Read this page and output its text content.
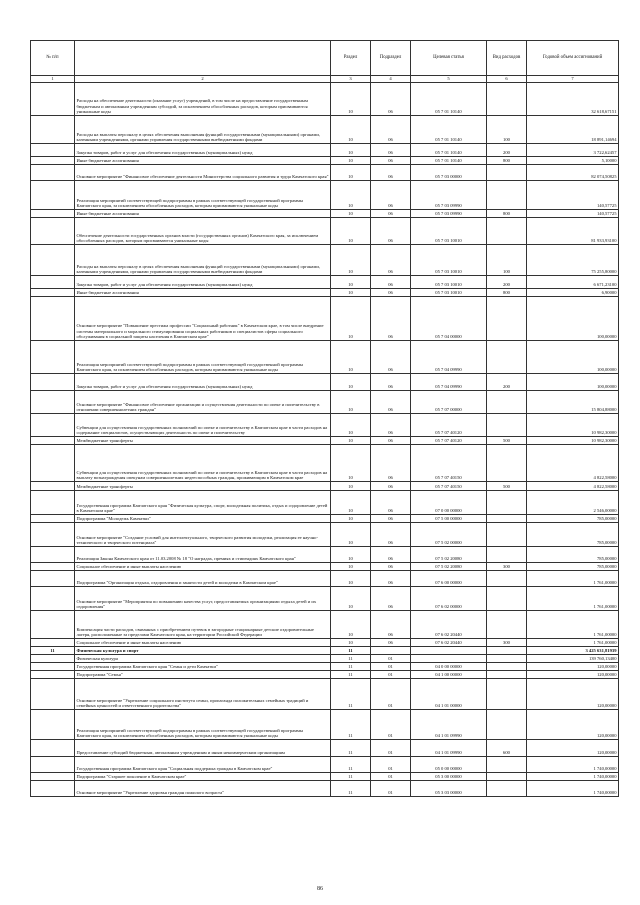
№ п/п		Раздел	Подраздел	Целевая статья	Вид расходов	Годовой объем ассигнований
1	2	3	4	5	6	7
	Расходы на обеспечение деятельности (оказание услуг) учреждений, в том числе на предоставление государственным бюджетным и автономным учреждениям субсидий, за исключением обособленных расходов, которым присваиваются уникальные коды	10	06	05 7 01 10140		32 618,67151
	Расходы на выплаты персоналу в целях обеспечения выполнения функций государственными (муниципальными) органами, казенными учреждениями, органами управления государственными внебюджетными фондами	10	06	05 7 01 10140	100	18 891,14694
	Закупка товаров, работ и услуг для обеспечения государственных (муниципальных) нужд	10	06	05 7 01 10140	200	3 722,62457
	Иные бюджетные ассигнования	10	06	05 7 01 10140	800	5,10000
	Основное мероприятие "Финансовое обеспечение деятельности Министерства социального развития и труда Камчатского края"	10	06	05 7 03 00000		82 074,50825
	Реализация мероприятий соответствующей подпрограммы в рамках соответствующей государственной программы Камчатского края, за исключением обособленных расходов, которым присваиваются уникальные коды	10	06	05 7 03 09990		140,57725
	Иные бюджетные ассигнования	10	06	05 7 03 09990	800	140,57725
	Обеспечение деятельности государственных органов власти (государственных органов) Камчатского края, за исключением обособленных расходов, которым присваиваются уникальные коды	10	06	05 7 03 10010		81 933,93100
	Расходы на выплаты персоналу в целях обеспечения выполнения функций государственными (муниципальными) органами, казенными учреждениями, органами управления государственными внебюджетными фондами	10	06	05 7 03 10010	100	75 255,80000
	Закупка товаров, работ и услуг для обеспечения государственных (муниципальных) нужд	10	06	05 7 03 10010	200	6 671,23100
	Иные бюджетные ассигнования	10	06	05 7 03 10010	800	6,90000
	Основное мероприятие "Повышение престижа профессии "Социальный работник" в Камчатском крае, в том числе внедрение системы материального и морального стимулирования социальных работников и специалистов сферы социального обслуживания в социальной защиты населения в Камчатском крае"	10	06	05 7 04 00000		100,00000
	Реализация мероприятий соответствующей подпрограммы в рамках соответствующей государственной программы Камчатского края, за исключением обособленных расходов, которым присваиваются уникальные коды	10	06	05 7 04 09990		100,00000
	Закупка товаров, работ и услуг для обеспечения государственных (муниципальных) нужд	10	06	05 7 04 09990	200	100,00000
	Основное мероприятие "Финансовое обеспечение организации и осуществления деятельности по опеке и попечительству в отношении совершеннолетних граждан"	10	06	05 7 07 00000		15 804,88000
	Субвенции для осуществления государственных полномочий по опеке и попечительству в Камчатском крае в части расходов на содержание специалистов, осуществляющих деятельность по опеке и попечительству	10	06	05 7 07 40120		10 982,30000
	Межбюджетные трансферты	10	06	05 7 07 40120	500	10 982,30000
	Субвенции для осуществления государственных полномочий по опеке и попечительству в Камчатском крае в части расходов на выплату вознаграждения опекунам совершеннолетних недееспособных граждан, проживающим в Камчатском крае	10	06	05 7 07 40150		4 822,58000
	Межбюджетные трансферты	10	06	05 7 07 40150	500	4 822,58000
	Государственная программа Камчатского края "Физическая культура, спорт, молодежная политика, отдых и оздоровление детей в Камчатском крае"	10	06	07 0 00 00000		2 546,00000
	Подпрограмма "Молодежь Камчатки"	10	06	07 5 00 00000		785,00000
	Основное мероприятие "Создание условий для интеллектуального, творческого развития молодежи, реализация ее научно-технического и творческого потенциала"	10	06	07 5 02 00000		785,00000
	Реализация Закона Камчатского края от 11.03.2008 № 18 "О наградах, премиях и стипендиях Камчатского края"	10	06	07 5 02 20080		785,00000
	Социальное обеспечение и иные выплаты населению	10	06	07 5 02 20080	300	785,00000
	Подпрограмма "Организация отдыха, оздоровления и занятости детей и молодежи в Камчатском крае"	10	06	07 6 00 00000		1 761,00000
	Основное мероприятие "Мероприятия по повышению качества услуг, предоставляемых организациями отдыха детей и их оздоровления"	10	06	07 6 02 00000		1 761,00000
	Компенсация части расходов, связанных с приобретением путевок в загородные стационарные детские оздоровительные лагеря, расположенные за пределами Камчатского края, на территории Российской Федерации	10	06	07 6 02 20440		1 761,00000
	Социальное обеспечение и иные выплаты населению	10	06	07 6 02 20440	300	1 761,00000
11	Физическая культура и спорт	11				3 425 631,81939
	Физическая культура	11	01			139 760,13400
	Государственная программа Камчатского края "Семья и дети Камчатки"	11	01	04 0 00 00000		120,00000
	Подпрограмма "Семья"	11	01	04 1 00 00000		120,00000
	Основное мероприятие "Укрепление социального института семьи, пропаганда положительных семейных традиций и семейных ценностей и ответственного родительства"	11	01	04 1 01 00000		120,00000
	Реализация мероприятий соответствующей подпрограммы в рамках соответствующей государственной программы Камчатского края, за исключением обособленных расходов, которым присваиваются уникальные коды	11	01	04 1 01 09990		120,00000
	Предоставление субсидий бюджетным, автономным учреждениям и иным некоммерческим организациям	11	01	04 1 01 09990	600	120,00000
	Государственная программа Камчатского края "Социальная поддержка граждан в Камчатском крае"	11	01	05 0 00 00000		1 740,00000
	Подпрограмма "Старшее поколение в Камчатском крае"	11	01	05 3 00 00000		1 740,00000
	Основное мероприятие "Укрепление здоровья граждан пожилого возраста"	11	01	05 3 03 00000		1 740,00000
86
